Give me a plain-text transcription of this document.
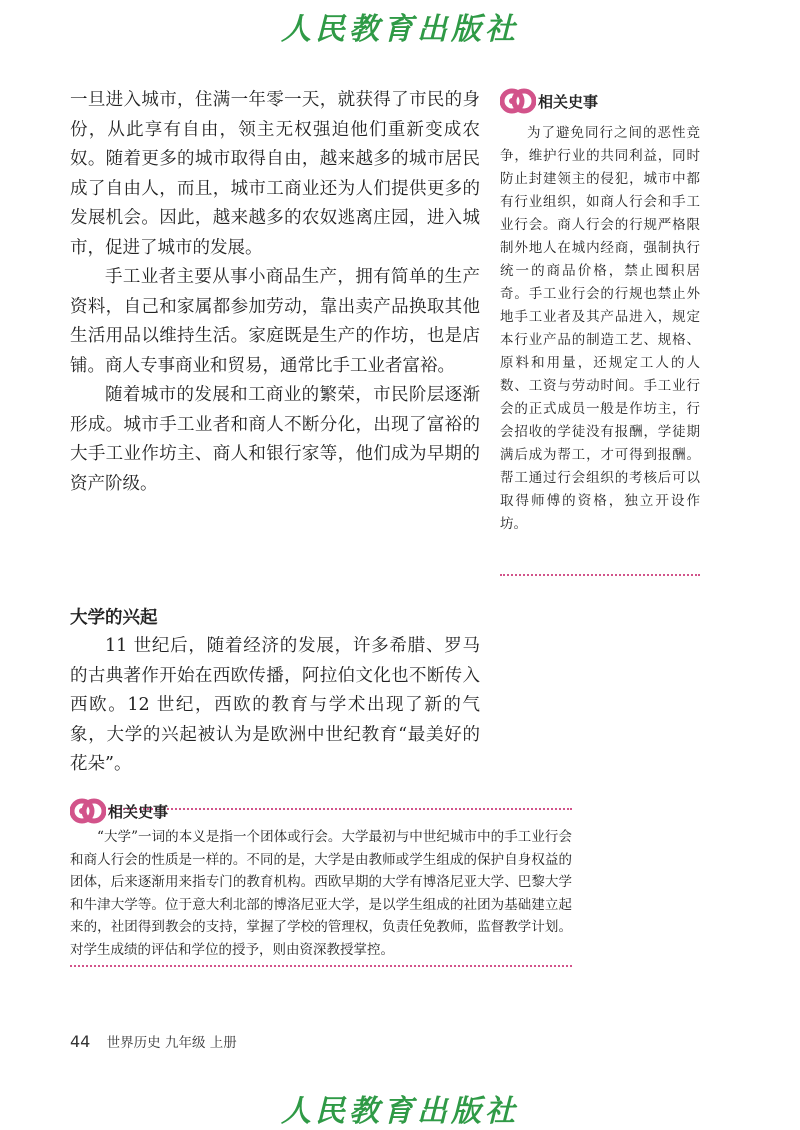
人民教育出版社

一旦进入城市，住满一年零一天，就获得了市民的身份，从此享有自由，领主无权强迫他们重新变成农奴。随着更多的城市取得自由，越来越多的城市居民成了自由人，而且，城市工商业还为人们提供更多的发展机会。因此，越来越多的农奴逃离庄园，进入城市，促进了城市的发展。

手工业者主要从事小商品生产，拥有简单的生产资料，自己和家属都参加劳动，靠出卖产品换取其他生活用品以维持生活。家庭既是生产的作坊，也是店铺。商人专事商业和贸易，通常比手工业者富裕。

随着城市的发展和工商业的繁荣，市民阶层逐渐形成。城市手工业者和商人不断分化，出现了富裕的大手工业作坊主、商人和银行家等，他们成为早期的资产阶级。

相关史事

为了避免同行之间的恶性竞争，维护行业的共同利益，同时防止封建领主的侵犯，城市中都有行业组织，如商人行会和手工业行会。商人行会的行规严格限制外地人在城内经商，强制执行统一的商品价格，禁止囤积居奇。手工业行会的行规也禁止外地手工业者及其产品进入，规定本行业产品的制造工艺、规格、原料和用量，还规定工人的人数、工资与劳动时间。手工业行会的正式成员一般是作坊主，行会招收的学徒没有报酬，学徒期满后成为帮工，才可得到报酬。帮工通过行会组织的考核后可以取得师傅的资格，独立开设作坊。

大学的兴起

11 世纪后，随着经济的发展，许多希腊、罗马的古典著作开始在西欧传播，阿拉伯文化也不断传入西欧。12 世纪，西欧的教育与学术出现了新的气象，大学的兴起被认为是欧洲中世纪教育“最美好的花朵”。

相关史事

“大学”一词的本义是指一个团体或行会。大学最初与中世纪城市中的手工业行会和商人行会的性质是一样的。不同的是，大学是由教师或学生组成的保护自身权益的团体，后来逐渐用来指专门的教育机构。西欧早期的大学有博洛尼亚大学、巴黎大学和牛津大学等。位于意大利北部的博洛尼亚大学，是以学生组成的社团为基础建立起来的，社团得到教会的支持，掌握了学校的管理权，负责任免教师，监督教学计划。对学生成绩的评估和学位的授予，则由资深教授掌控。

44 世界历史 九年级 上册
人民教育出版社
